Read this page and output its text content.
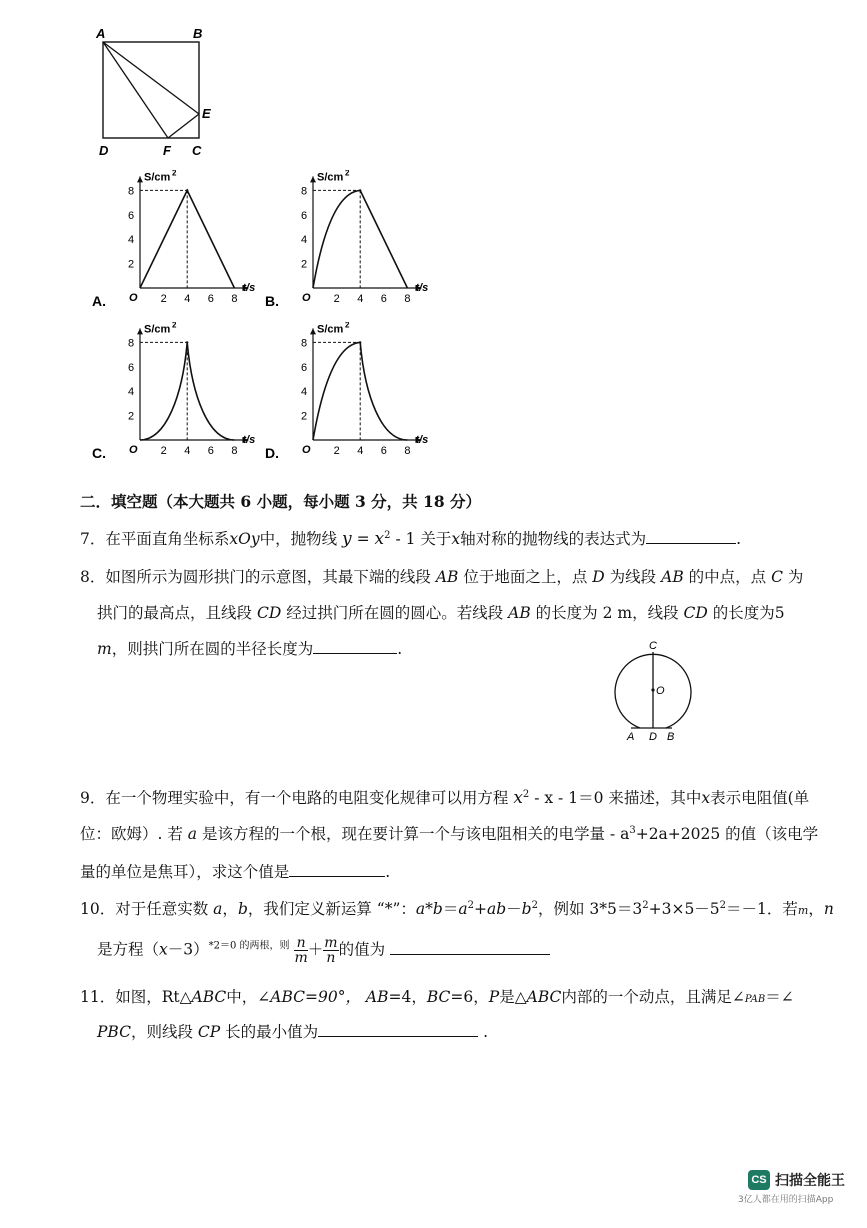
A	B
E
D	F C
S/cm 2
t/s
O
A.	2 4 6 8
2
4
6
8
S/cm 2
t/s
O
B.	2 4 6 8
2
4
6
8
S/cm 2
t/s
O
C.	2 4 6 8
2
4
6
8
S/cm 2
t/s
O
D.	2 4 6 8
2
4
6
8
二．填空题（本大题共 6 小题，每小题 3 分，共 18 分）
7．在平面直角坐标系xOy中，抛物线 $y = x^2 - 1$ 关于x轴对称的抛物线的表达式为	.
8．如图所示为圆形拱门的示意图，其最下端的线段 AB 位于地面之上，点 D 为线段 AB 的中点，点 C 为
拱门的最高点，且线段 CD 经过拱门所在圆的圆心。若线段 AB 的长度为 2 m，线段 CD 的长度为5
m，则拱门所在圆的半径长度为	.	C
O
A D B
9．在一个物理实验中，有一个电路的电阻变化规律可以用方程 $x^2 - x - 1=0$ 来描述，其中x表示电阻值(单
位：欧姆）. 若 a 是该方程的一个根，现在要计算一个与该电阻相关的电学量 - $a^3+2a+2025$ 的值（该电学
量的单位是焦耳），求这个值是	.
10．对于任意实数 a，b，我们定义新运算 “*”：$a*b=a^2+ab-b^2$，例如 $3*5=3^2+3\times 5-5^2=-1$．若m，n
是方程$(x-3)^{*2=0 的两根,则} \frac{n}{m} + \frac{m}{n}$ 的值为
11．如图，Rt△ABC中，∠ABC=90°， AB=4，BC=6，P是△ABC内部的一个动点，且满足∠PAB＝∠
PBC，则线段 CP 长的最小值为	.
CS 扫描全能王
3亿人都在用的扫描App
